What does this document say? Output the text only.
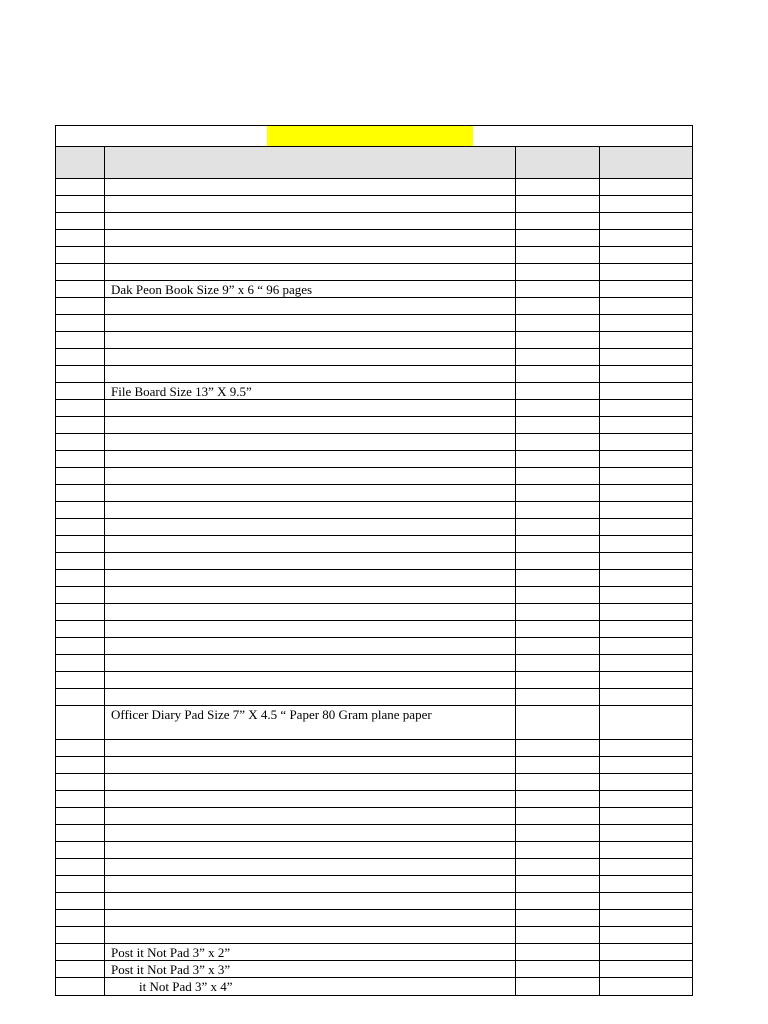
Dak Peon Book Size 9” x 6 “ 96 pages
File Board Size 13” X 9.5”
Officer Diary Pad Size 7” X 4.5 “ Paper 80 Gram plane paper
Post it Not Pad 3” x 2”
Post it Not Pad 3” x 3”
it Not Pad 3” x 4”
